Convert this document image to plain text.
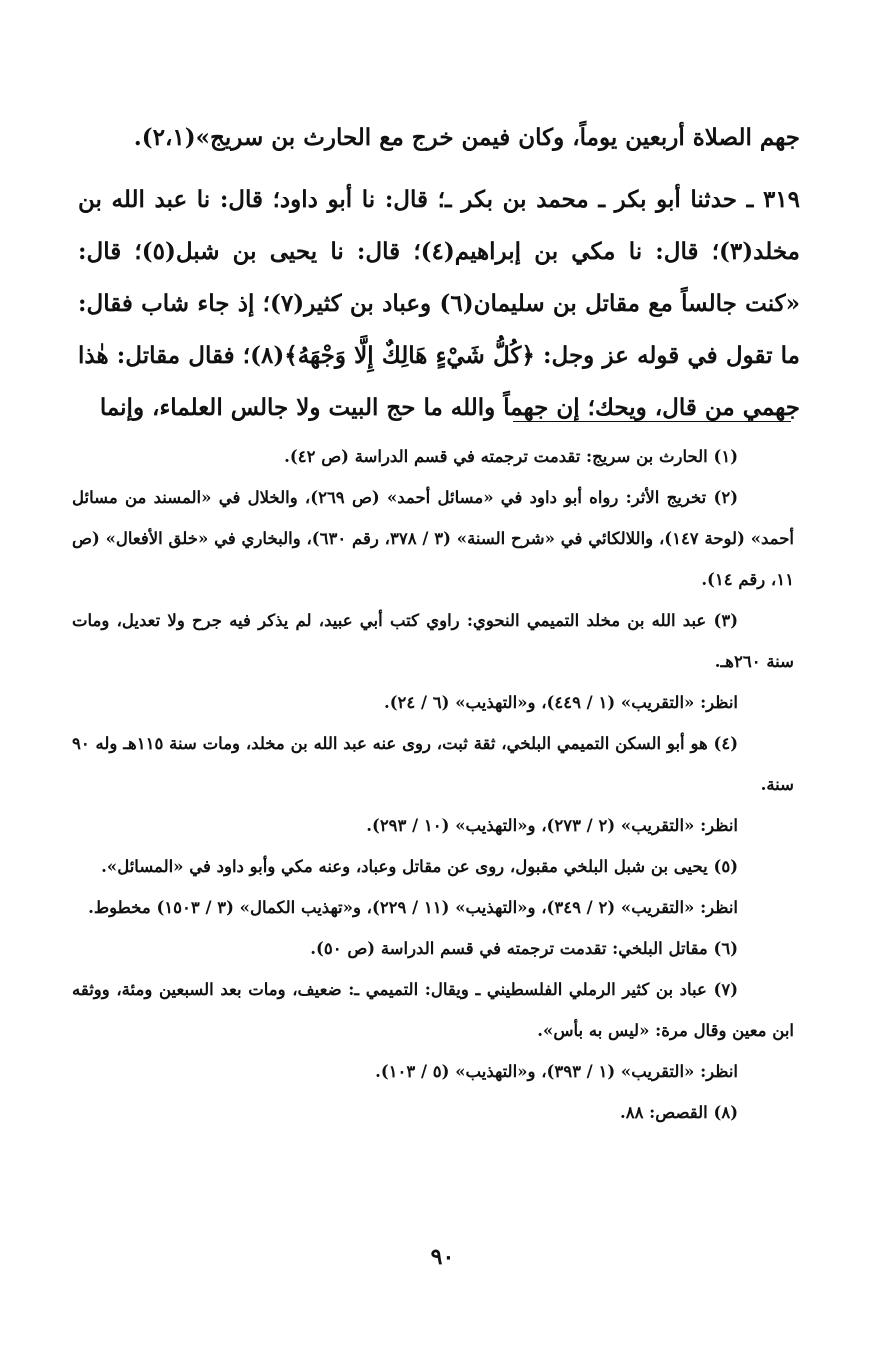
جهم الصلاة أربعين يوماً، وكان فيمن خرج مع الحارث بن سريج»(٢،١).

٣١٩ ـ حدثنا أبو بكر ـ محمد بن بكر ـ؛ قال: نا أبو داود؛ قال: نا عبد الله بن مخلد(٣)؛ قال: نا مكي بن إبراهيم(٤)؛ قال: نا يحيى بن شبل(٥)؛ قال: «كنت جالساً مع مقاتل بن سليمان(٦) وعباد بن كثير(٧)؛ إذ جاء شاب فقال: ما تقول في قوله عز وجل: ﴿كُلُّ شَيْءٍ هَالِكٌ إِلَّا وَجْهَهُ﴾(٨)؛ فقال مقاتل: هٰذا جهمي من قال، ويحك؛ إن جهماً والله ما حج البيت ولا جالس العلماء، وإنما

(١) الحارث بن سريج: تقدمت ترجمته في قسم الدراسة (ص ٤٢).

(٢) تخريج الأثر: رواه أبو داود في «مسائل أحمد» (ص ٢٦٩)، والخلال في «المسند من مسائل أحمد» (لوحة ١٤٧)، واللالكائي في «شرح السنة» (٣ / ٣٧٨، رقم ٦٣٠)، والبخاري في «خلق الأفعال» (ص ١١، رقم ١٤).

(٣) عبد الله بن مخلد التميمي النحوي: راوي كتب أبي عبيد، لم يذكر فيه جرح ولا تعديل، ومات سنة ٢٦٠هـ.

انظر: «التقريب» (١ / ٤٤٩)، و«التهذيب» (٦ / ٢٤).

(٤) هو أبو السكن التميمي البلخي، ثقة ثبت، روى عنه عبد الله بن مخلد، ومات سنة ١١٥هـ وله ٩٠ سنة.

انظر: «التقريب» (٢ / ٢٧٣)، و«التهذيب» (١٠ / ٢٩٣).

(٥) يحيى بن شبل البلخي مقبول، روى عن مقاتل وعباد، وعنه مكي وأبو داود في «المسائل».

انظر: «التقريب» (٢ / ٣٤٩)، و«التهذيب» (١١ / ٢٢٩)، و«تهذيب الكمال» (٣ / ١٥٠٣) مخطوط.

(٦) مقاتل البلخي: تقدمت ترجمته في قسم الدراسة (ص ٥٠).

(٧) عباد بن كثير الرملي الفلسطيني ـ ويقال: التميمي ـ: ضعيف، ومات بعد السبعين ومئة، ووثقه ابن معين وقال مرة: «ليس به بأس».

انظر: «التقريب» (١ / ٣٩٣)، و«التهذيب» (٥ / ١٠٣).

(٨) القصص: ٨٨.

٩٠
